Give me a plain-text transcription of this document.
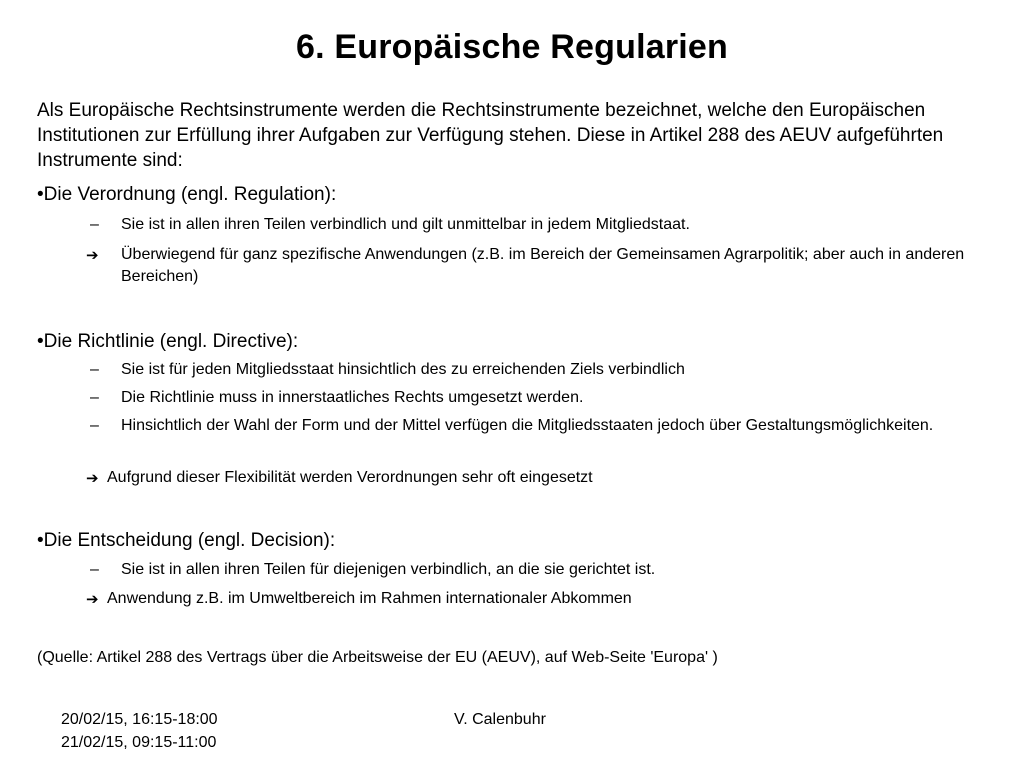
6. Europäische Regularien
Als Europäische Rechtsinstrumente werden die Rechtsinstrumente bezeichnet, welche den Europäischen Institutionen zur Erfüllung ihrer Aufgaben zur Verfügung stehen. Diese in Artikel 288 des AEUV aufgeführten Instrumente sind:
•Die Verordnung (engl. Regulation):
– Sie ist in allen ihren Teilen verbindlich und gilt unmittelbar in jedem Mitgliedstaat.
➔ Überwiegend für ganz spezifische Anwendungen (z.B. im Bereich der Gemeinsamen Agrarpolitik; aber auch in anderen Bereichen)
•Die Richtlinie (engl. Directive):
– Sie ist für jeden Mitgliedsstaat hinsichtlich des zu erreichenden Ziels verbindlich
– Die Richtlinie muss in innerstaatliches Rechts umgesetzt werden.
– Hinsichtlich der Wahl der Form und der Mittel verfügen die Mitgliedsstaaten jedoch über Gestaltungsmöglichkeiten.
➔ Aufgrund dieser Flexibilität werden Verordnungen sehr oft eingesetzt
•Die Entscheidung (engl. Decision):
– Sie ist in allen ihren Teilen für diejenigen verbindlich, an die sie gerichtet ist.
➔ Anwendung z.B. im Umweltbereich im Rahmen internationaler Abkommen
(Quelle: Artikel 288 des Vertrags über die Arbeitsweise der EU (AEUV), auf Web-Seite 'Europa' )
20/02/15, 16:15-18:00
21/02/15, 09:15-11:00
V. Calenbuhr
